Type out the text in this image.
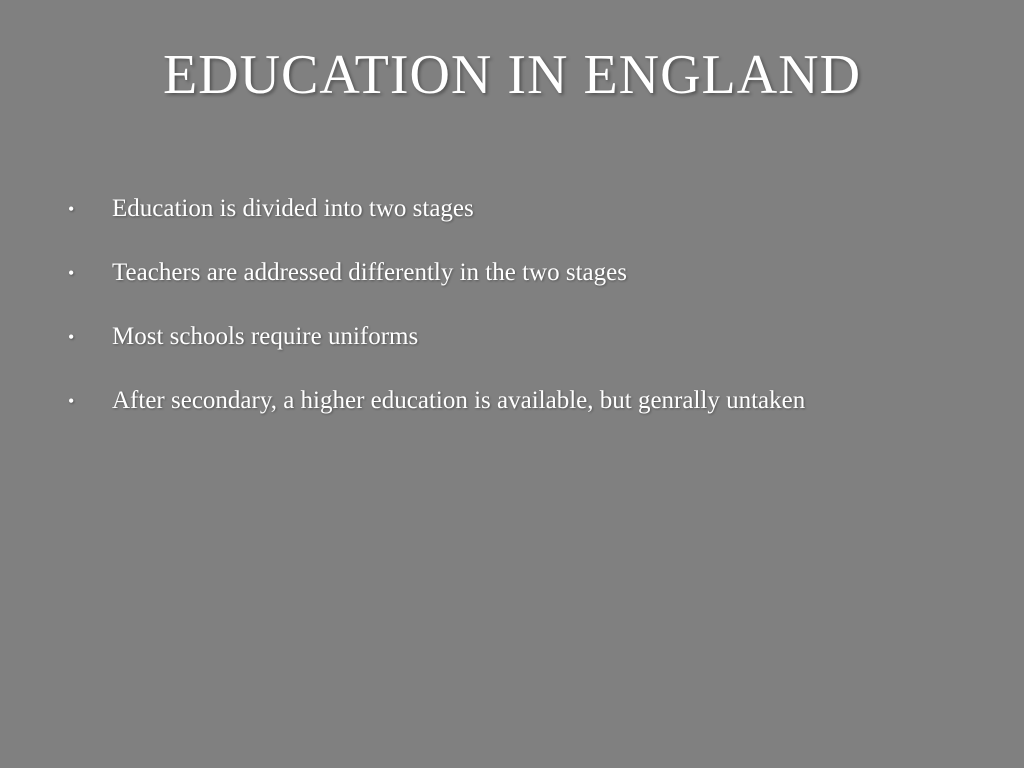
EDUCATION IN ENGLAND
•	Education is divided into two stages
•	Teachers are addressed differently in the two stages
•	Most schools require uniforms
•	After secondary, a higher education is available, but genrally untaken
